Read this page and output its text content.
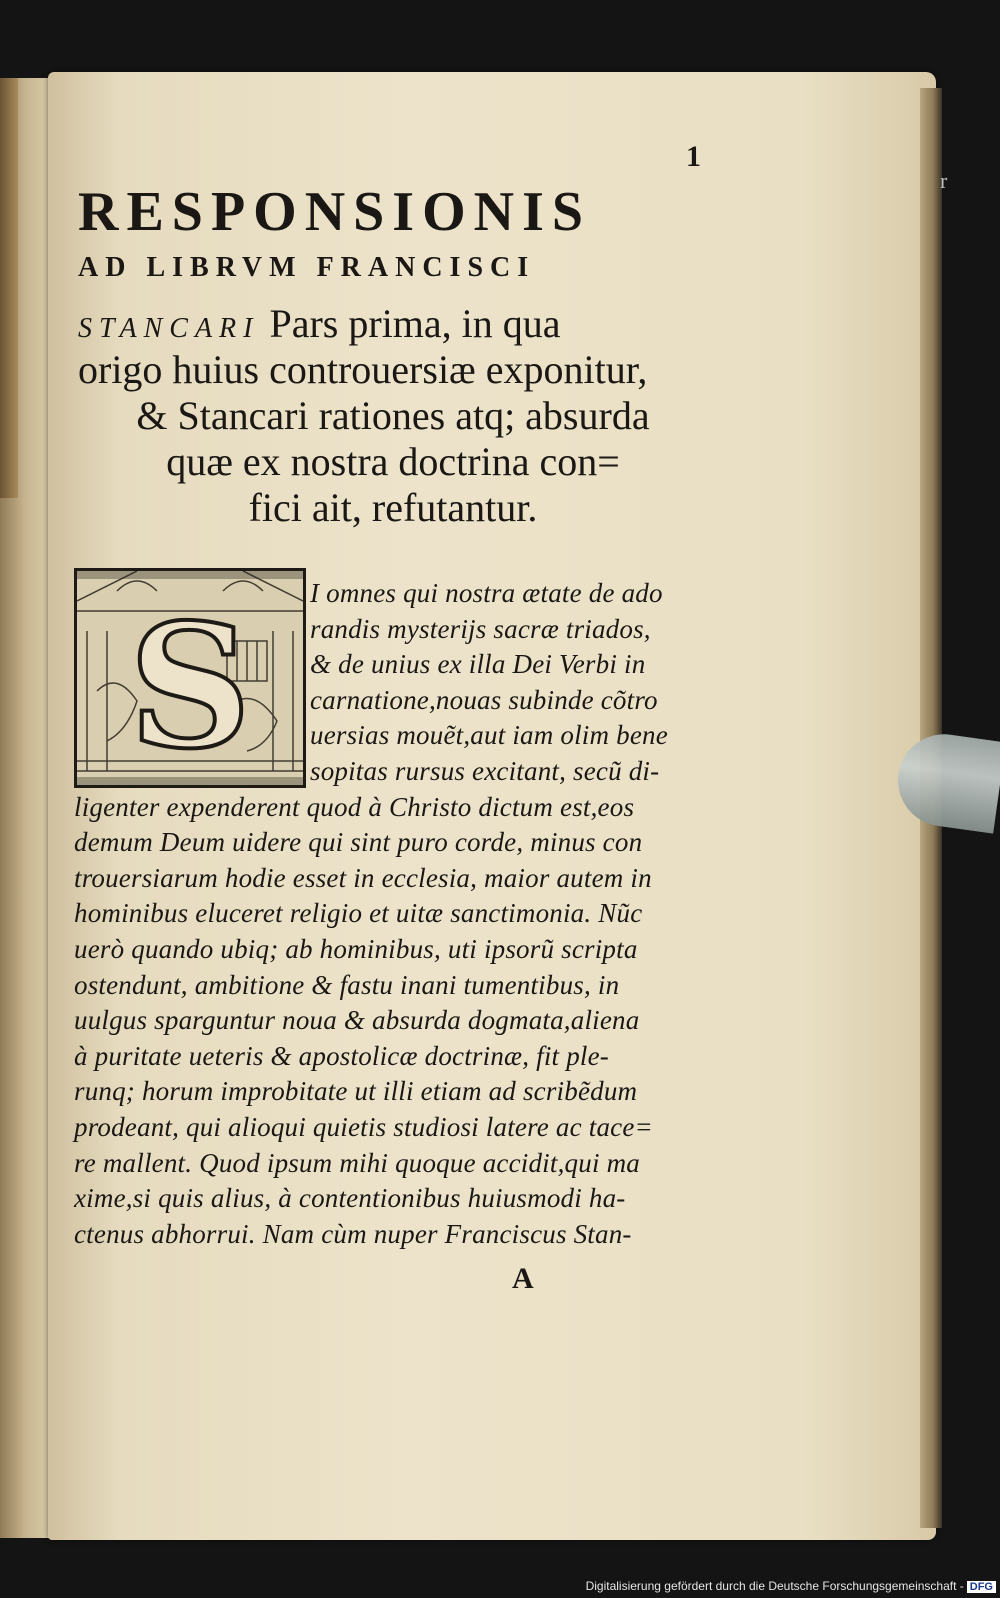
r
1
RESPONSIONIS
AD LIBRVM FRANCISCI
STANCARI Pars prima, in qua
origo huius controuersiæ exponitur,
& Stancari rationes atq; absurda
quæ ex nostra doctrina con=
fici ait, refutantur.
S I omnes qui nostra ætate de ado
randis mysterijs sacræ triados,
& de unius ex illa Dei Verbi in
carnatione,nouas subinde cõtro
uersias mouẽt,aut iam olim bene
sopitas rursus excitant, secũ di-
ligenter expenderent quod à Christo dictum est,eos
demum Deum uidere qui sint puro corde, minus con
trouersiarum hodie esset in ecclesia, maior autem in
hominibus eluceret religio et uitæ sanctimonia. Nũc
uerò quando ubiq; ab hominibus, uti ipsorũ scripta
ostendunt, ambitione & fastu inani tumentibus, in
uulgus sparguntur noua & absurda dogmata,aliena
à puritate ueteris & apostolicæ doctrinæ, fit ple-
runq; horum improbitate ut illi etiam ad scribẽdum
prodeant, qui alioqui quietis studiosi latere ac tace=
re mallent. Quod ipsum mihi quoque accidit,qui ma
xime,si quis alius, à contentionibus huiusmodi ha-
ctenus abhorrui. Nam cùm nuper Franciscus Stan-
A
Digitalisierung gefördert durch die Deutsche Forschungsgemeinschaft - DFG
